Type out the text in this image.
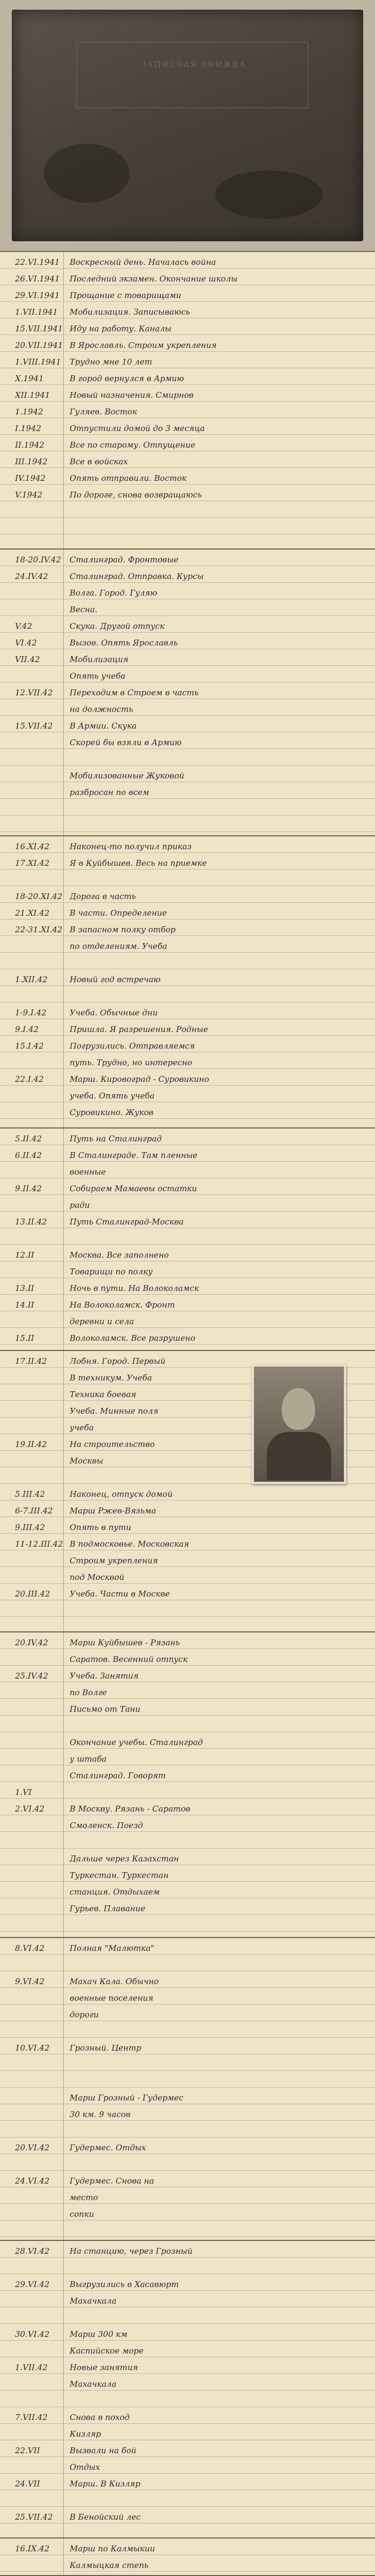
ЗАПИСНАЯ КНИЖКА
22.VI.1941	Воскресный день. Началась война
26.VI.1941	Последний экзамен. Окончание школы
29.VI.1941	Прощание с товарищами
1.VII.1941	Мобилизация. Записываюсь
15.VII.1941 Иду на работу. Каналы
20.VII.1941 В Ярославль. Строим укрепления
1.VIII.1941	Трудно мне 10 лет
X.1941	В город вернулся в Армию
XII.1941	Новый назначения. Смирнов
1.1942	Гуляев. Восток
I.1942	Отпустили домой до 3 месяца
II.1942	Все по старому. Отпущение
III.1942	Все в войсках
IV.1942	Опять отправили. Восток
V.1942	По дороге, снова возвращаюсь
18-20.IV.42	Сталинград. Фронтовые
24.IV.42	Сталинград. Отправка. Курсы
Волга. Город. Гуляю
Весна.
V.42	Скука. Другой отпуск
VI.42	Вызов. Опять Ярославль
VII.42	Мобилизация
Опять учеба
12.VII.42	Переходим в Строем в часть
на должность
15.VII.42	В Армии. Скука
Скорей бы взяли в Армию
Мобилизованные Жуковой
разбросан по всем
16.XI.42	Наконец-то получил приказ
17.XI.42	Я в Куйбышев. Весь на приемке
18-20.XI.42 Дорога в часть
21.XI.42	В части. Определение
22-31.XI.42 В запасном полку отбор
по отделениям. Учеба
1.XII.42	Новый год встречаю
1-9.I.42	Учеба. Обычные дни
9.I.42	Пришла. Я разрешения. Родные
15.I.42	Погрузились. Отправляемся
путь. Трудно, но интересно
22.I.42	Марш. Кировоград - Суровикино
учеба. Опять учеба
Суровикино. Жуков
5.II.42	Путь на Сталинград
6.II.42	В Сталинграде. Там пленные
военные
9.II.42	Собираем Мамаевы остатки
ради
13.II.42	Путь Сталинград-Москва
12.II	Москва. Все заполнено
Товарищи по полку
13.II	Ночь в пути. На Волоколамск
14.II	На Волоколамск. Фронт
деревни и села
15.II	Волоколамск. Все разрушено
17.II.42	Лобня. Город. Первый
В техникум. Учеба
Техника боевая
Учеба. Минные поля
учеба
19.II.42	На строительство
Москвы
5.III.42	Наконец, отпуск домой
6-7.III.42	Марш Ржев-Вязьма
9.III.42	Опять в пути
11-12.III.42 В подмосковье. Московская
Строим укрепления
под Москвой
20.III.42	Учеба. Части в Москве
20.IV.42	Марш Куйбышев - Рязань
Саратов. Весенний отпуск
25.IV.42	Учеба. Занятия
по Волге
Письмо от Тани
Окончание учебы. Сталинград
у штаба
Сталинград. Говорят
1.VI
2.VI.42	В Москву. Рязань - Саратов
Смоленск. Поезд
Дальше через Казахстан
Туркестан. Туркестан
станция. Отдыхаем
Гурьев. Плавание
8.VI.42	Полная "Малютка"
9.VI.42	Махач Кала. Обычно
военные поселения
дороги
10.VI.42	Грозный. Центр
Марш Грозный - Гудермес
30 км. 9 часов
20.VI.42	Гудермес. Отдых
24.VI.42	Гудермес. Снова на
место
сопки
28.VI.42	На станцию, через Грозный
29.VI.42	Выгрузились в Хасавюрт
Махачкала
30.VI.42	Марш 300 км
Каспийское море
1.VII.42	Новые занятия
Махачкала
7.VII.42	Снова в поход
Кизляр
22.VII	Вызвали на бой
Отдых
24.VII	Марш. В Кизляр
25.VII.42	В Бенойский лес
16.IX.42	Марш по Калмыкии
Калмыцкая степь
